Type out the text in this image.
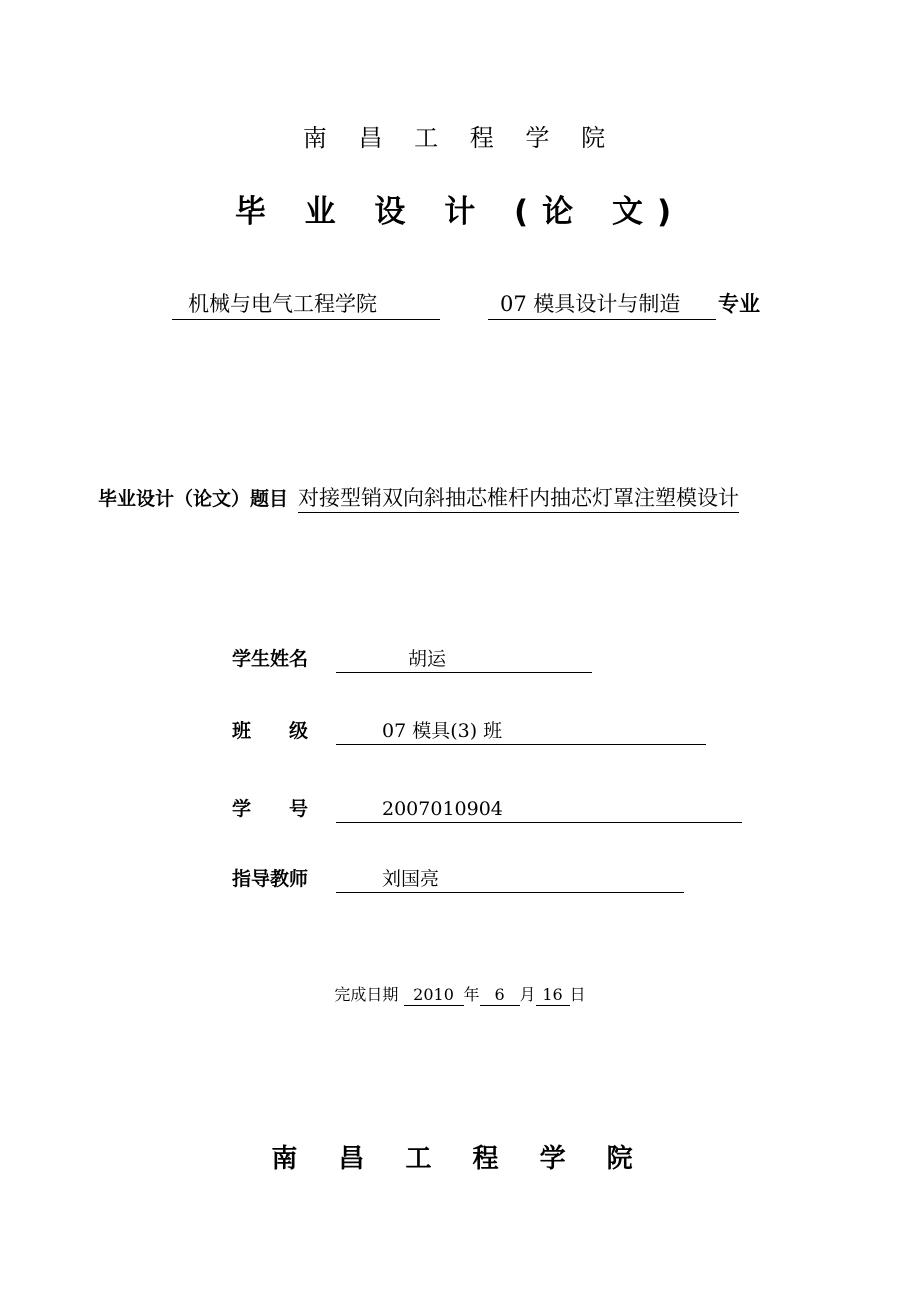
南 昌 工 程 学 院
毕 业 设 计 (论 文)
机械与电气工程学院	07 模具设计与制造 专业
毕业设计（论文）题目 对接型销双向斜抽芯椎杆内抽芯灯罩注塑模设计
学生姓名	胡运
班　　级	07 模具(3) 班
学　　号	2007010904
指导教师	刘国亮
完成日期 2010 年 6 月 16 日
南 昌 工 程 学 院
